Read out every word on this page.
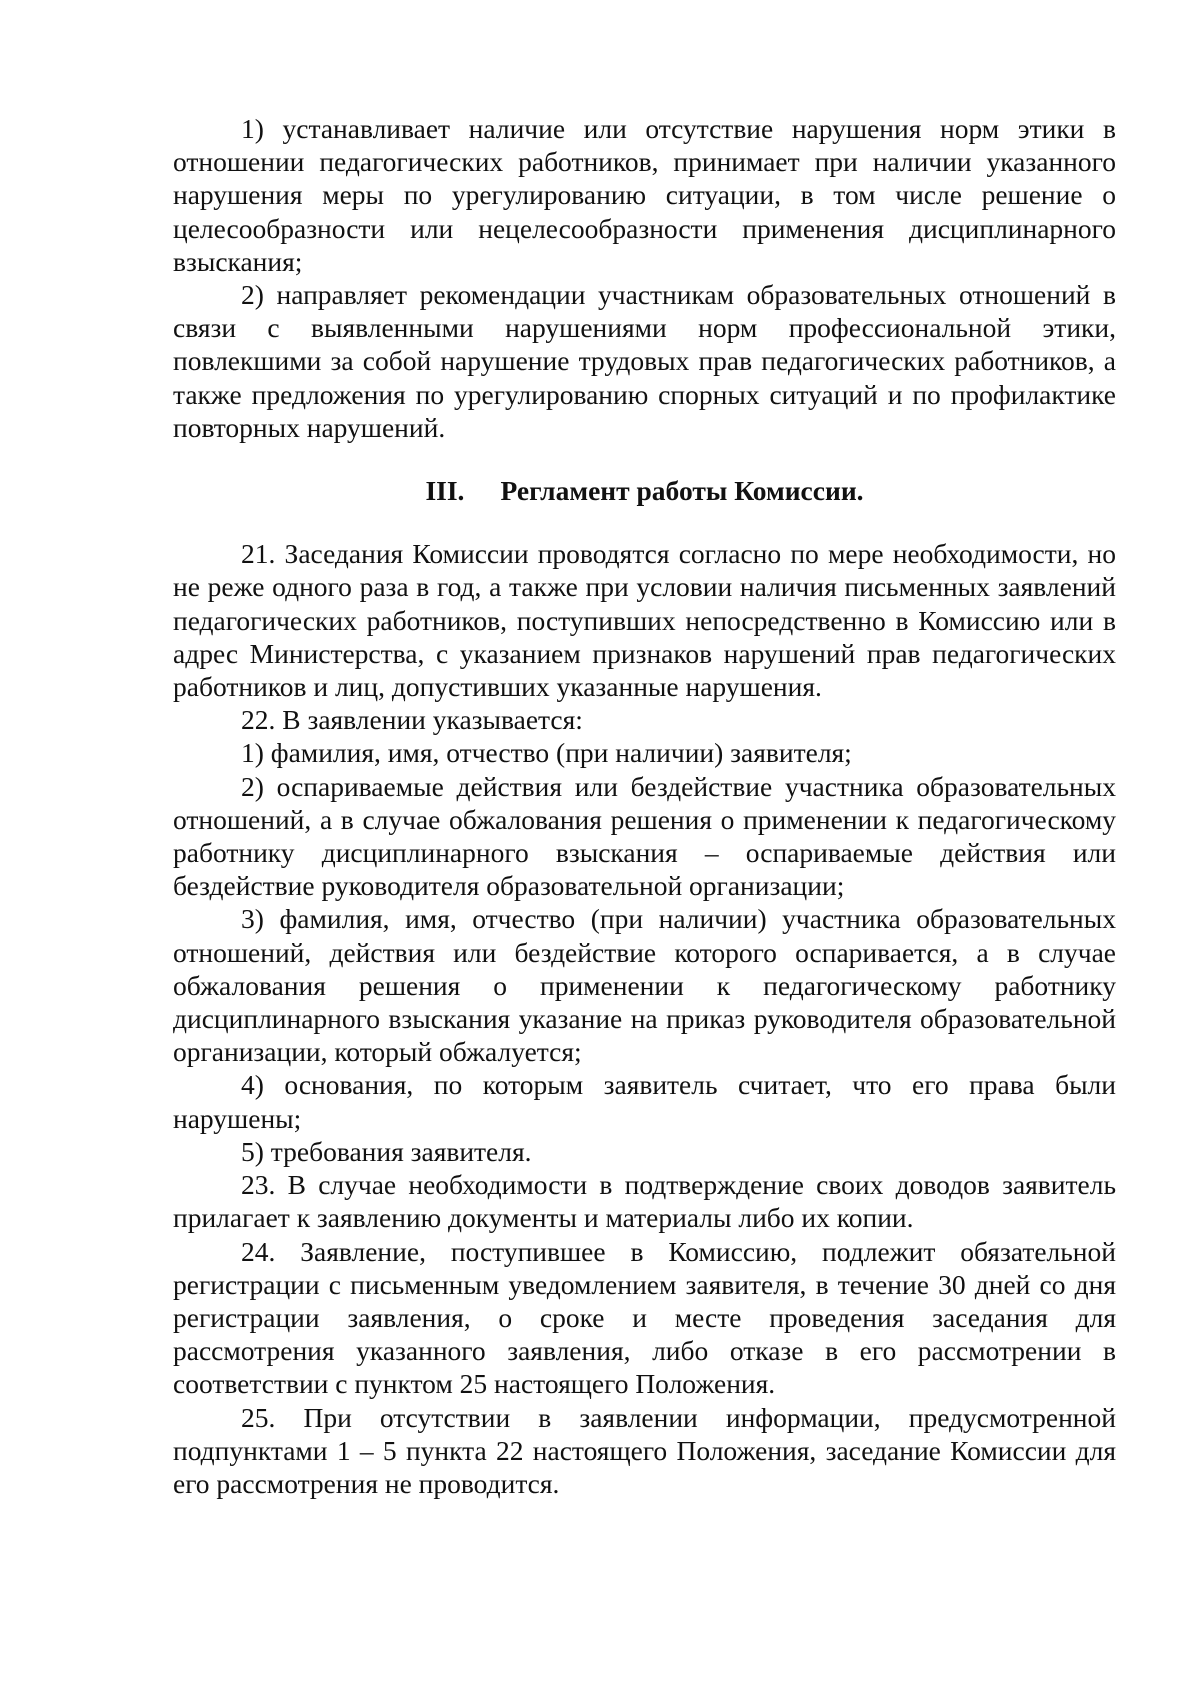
1) устанавливает наличие или отсутствие нарушения норм этики в отношении педагогических работников, принимает при наличии указанного нарушения меры по урегулированию ситуации, в том числе решение о целесообразности или нецелесообразности применения дисциплинарного взыскания;

2) направляет рекомендации участникам образовательных отношений в связи с выявленными нарушениями норм профессиональной этики, повлекшими за собой нарушение трудовых прав педагогических работников, а также предложения по урегулированию спорных ситуаций и по профилактике повторных нарушений.

III. Регламент работы Комиссии.

21. Заседания Комиссии проводятся согласно по мере необходимости, но не реже одного раза в год, а также при условии наличия письменных заявлений педагогических работников, поступивших непосредственно в Комиссию или в адрес Министерства, с указанием признаков нарушений прав педагогических работников и лиц, допустивших указанные нарушения.

22. В заявлении указывается:

1) фамилия, имя, отчество (при наличии) заявителя;

2) оспариваемые действия или бездействие участника образовательных отношений, а в случае обжалования решения о применении к педагогическому работнику дисциплинарного взыскания – оспариваемые действия или бездействие руководителя образовательной организации;

3) фамилия, имя, отчество (при наличии) участника образовательных отношений, действия или бездействие которого оспаривается, а в случае обжалования решения о применении к педагогическому работнику дисциплинарного взыскания указание на приказ руководителя образовательной организации, который обжалуется;

4) основания, по которым заявитель считает, что его права были нарушены;

5) требования заявителя.

23. В случае необходимости в подтверждение своих доводов заявитель прилагает к заявлению документы и материалы либо их копии.

24. Заявление, поступившее в Комиссию, подлежит обязательной регистрации с письменным уведомлением заявителя, в течение 30 дней со дня регистрации заявления, о сроке и месте проведения заседания для рассмотрения указанного заявления, либо отказе в его рассмотрении в соответствии с пунктом 25 настоящего Положения.

25. При отсутствии в заявлении информации, предусмотренной подпунктами 1 – 5 пункта 22 настоящего Положения, заседание Комиссии для его рассмотрения не проводится.
